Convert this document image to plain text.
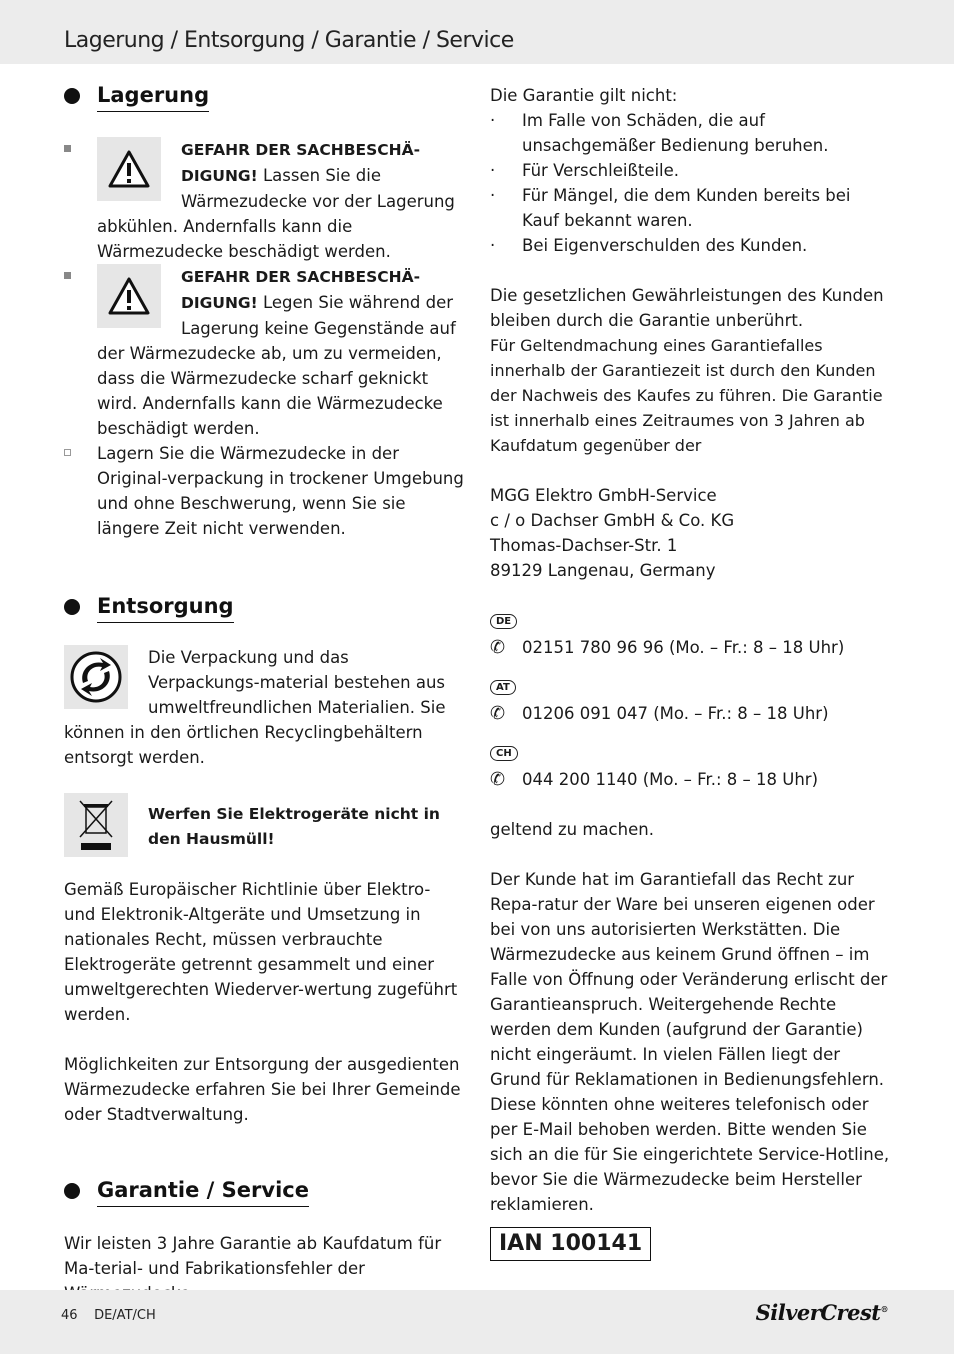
Lagerung / Entsorgung / Garantie / Service
Lagerung
GEFAHR DER SACHBESCHÄ-DIGUNG! Lassen Sie die Wärmezudecke vor der Lagerung abkühlen. Andernfalls kann die Wärmezudecke beschädigt werden.
GEFAHR DER SACHBESCHÄ-DIGUNG! Legen Sie während der Lagerung keine Gegenstände auf der Wärmezudecke ab, um zu vermeiden, dass die Wärmezudecke scharf geknickt wird. Andernfalls kann die Wärmezudecke beschädigt werden.
Lagern Sie die Wärmezudecke in der Original-verpackung in trockener Umgebung und ohne Beschwerung, wenn Sie sie längere Zeit nicht verwenden.
Entsorgung
Die Verpackung und das Verpackungs-material bestehen aus umweltfreundlichen Materialien. Sie können in den örtlichen Recyclingbehältern entsorgt werden.
Werfen Sie Elektrogeräte nicht in den Hausmüll!

Gemäß Europäischer Richtlinie über Elektro- und Elektronik-Altgeräte und Umsetzung in nationales Recht, müssen verbrauchte Elektrogeräte getrennt gesammelt und einer umweltgerechten Wiederver-wertung zugeführt werden.

Möglichkeiten zur Entsorgung der ausgedienten Wärmezudecke erfahren Sie bei Ihrer Gemeinde oder Stadtverwaltung.

Garantie / Service

Wir leisten 3 Jahre Garantie ab Kaufdatum für Ma-terial- und Fabrikationsfehler der

Die Garantie gilt nicht:
· Im Falle von Schäden, die auf unsachgemäßer Bedienung beruhen.
· Für Verschleißteile.
· Für Mängel, die dem Kunden bereits bei Kauf bekannt waren.
· Bei Eigenverschulden des Kunden.

Die gesetzlichen Gewährleistungen des Kunden bleiben durch die Garantie unberührt.

Für Geltendmachung eines Garantiefalles innerhalb der Garantiezeit ist durch den Kunden der Nachweis des Kaufes zu führen. Die Garantie ist innerhalb eines Zeitraumes von 3 Jahren ab Kaufdatum gegenüber der

MGG Elektro GmbH-Service
c / o Dachser GmbH & Co. KG
Thomas-Dachser-Str. 1
89129 Langenau, Germany
DE
✆ 02151 780 96 96 (Mo. – Fr.: 8 – 18 Uhr)
AT
✆ 01206 091 047 (Mo. – Fr.: 8 – 18 Uhr)
CH
✆ 044 200 1140 (Mo. – Fr.: 8 – 18 Uhr)

geltend zu machen.

Der Kunde hat im Garantiefall das Recht zur Repa-ratur der Ware bei unseren eigenen oder bei von uns autorisierten Werkstätten. Die Wärmezudecke aus keinem Grund öffnen – im Falle von Öffnung oder Veränderung erlischt der Garantieanspruch. Weitergehende Rechte werden dem Kunden (aufgrund der Garantie) nicht eingeräumt. In vielen Fällen liegt der Grund für Reklamationen in Bedienungsfehlern. Diese könnten ohne weiteres telefonisch oder per E-Mail behoben werden. Bitte wenden Sie sich an die für Sie eingerichtete Service-Hotline, bevor Sie die Wärmezudecke beim Hersteller reklamieren.

IAN 100141
46 DE/AT/CH	SilverCrest®
